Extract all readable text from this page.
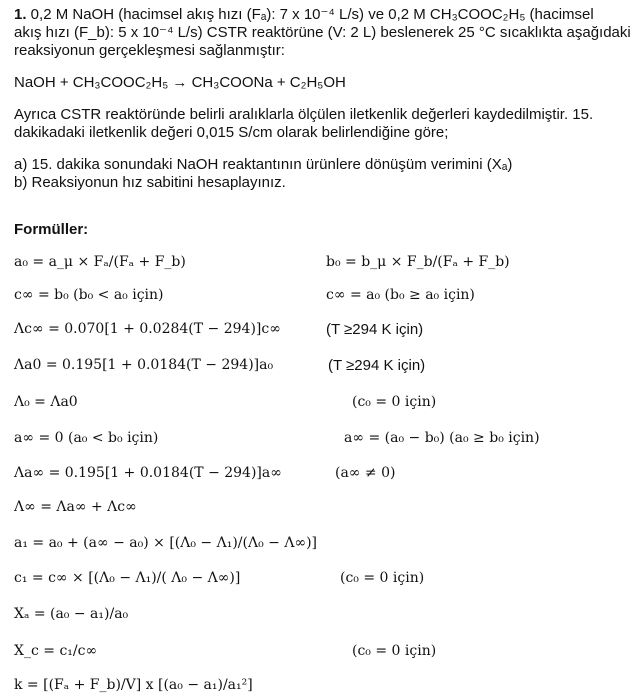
1. 0,2 M NaOH (hacimsel akış hızı (Fₐ): 7 x 10⁻⁴ L/s) ve 0,2 M CH₃COOC₂H₅ (hacimsel
akış hızı (F_b): 5 x 10⁻⁴ L/s) CSTR reaktörüne (V: 2 L) beslenerek 25 °C sıcaklıkta aşağıdaki
reaksiyonun gerçekleşmesi sağlanmıştır:
NaOH + CH₃COOC₂H₅ → CH₃COONa + C₂H₅OH
Ayrıca CSTR reaktöründe belirli aralıklarla ölçülen iletkenlik değerleri kaydedilmiştir. 15.
dakikadaki iletkenlik değeri 0,015 S/cm olarak belirlendiğine göre;
a) 15. dakika sonundaki NaOH reaktantının ürünlere dönüşüm verimini (Xₐ)
b) Reaksiyonun hız sabitini hesaplayınız.
Formüller:
a₀ = a_μ × Fₐ/(Fₐ + F_b)	b₀ = b_μ × F_b/(Fₐ + F_b)
c∞ = b₀ (b₀ < a₀ için)	c∞ = a₀ (b₀ ≥ a₀ için)
Λc∞ = 0.070[1 + 0.0284(T − 294)]c∞	(T ≥294 K için)
Λa0 = 0.195[1 + 0.0184(T − 294)]a₀	(T ≥294 K için)
Λ₀ = Λa0	(c₀ = 0 için)
a∞ = 0 (a₀ < b₀ için)	a∞ = (a₀ − b₀) (a₀ ≥ b₀ için)
Λa∞ = 0.195[1 + 0.0184(T − 294)]a∞	(a∞ ≠ 0)
Λ∞ = Λa∞ + Λc∞
a₁ = a₀ + (a∞ − a₀) × [(Λ₀ − Λ₁)/(Λ₀ − Λ∞)]
c₁ = c∞ × [(Λ₀ − Λ₁)/( Λ₀ − Λ∞)]	(c₀ = 0 için)
Xₐ = (a₀ − a₁)/a₀
X_c = c₁/c∞	(c₀ = 0 için)
k = [(Fₐ + F_b)/V] x [(a₀ − a₁)/a₁²]
